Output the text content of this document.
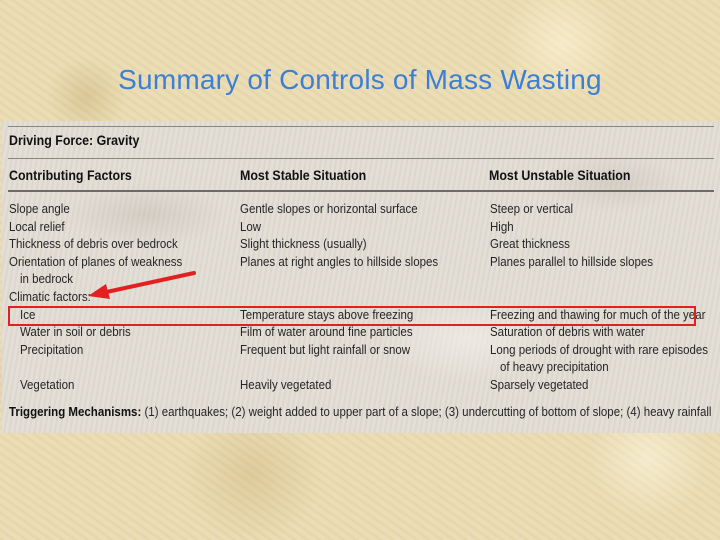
Summary of Controls of Mass Wasting
Driving Force: Gravity
Contributing Factors	Most Stable Situation	Most Unstable Situation
Slope angle	Gentle slopes or horizontal surface	Steep or vertical
Local relief	Low	High
Thickness of debris over bedrock	Slight thickness (usually)	Great thickness
Orientation of planes of weakness	Planes at right angles to hillside slopes	Planes parallel to hillside slopes
in bedrock
Climatic factors:
Ice	Temperature stays above freezing	Freezing and thawing for much of the year
Water in soil or debris	Film of water around fine particles	Saturation of debris with water
Precipitation	Frequent but light rainfall or snow	Long periods of drought with rare episodes
of heavy precipitation
Vegetation	Heavily vegetated	Sparsely vegetated
Triggering Mechanisms: (1) earthquakes; (2) weight added to upper part of a slope; (3) undercutting of bottom of slope; (4) heavy rainfall
